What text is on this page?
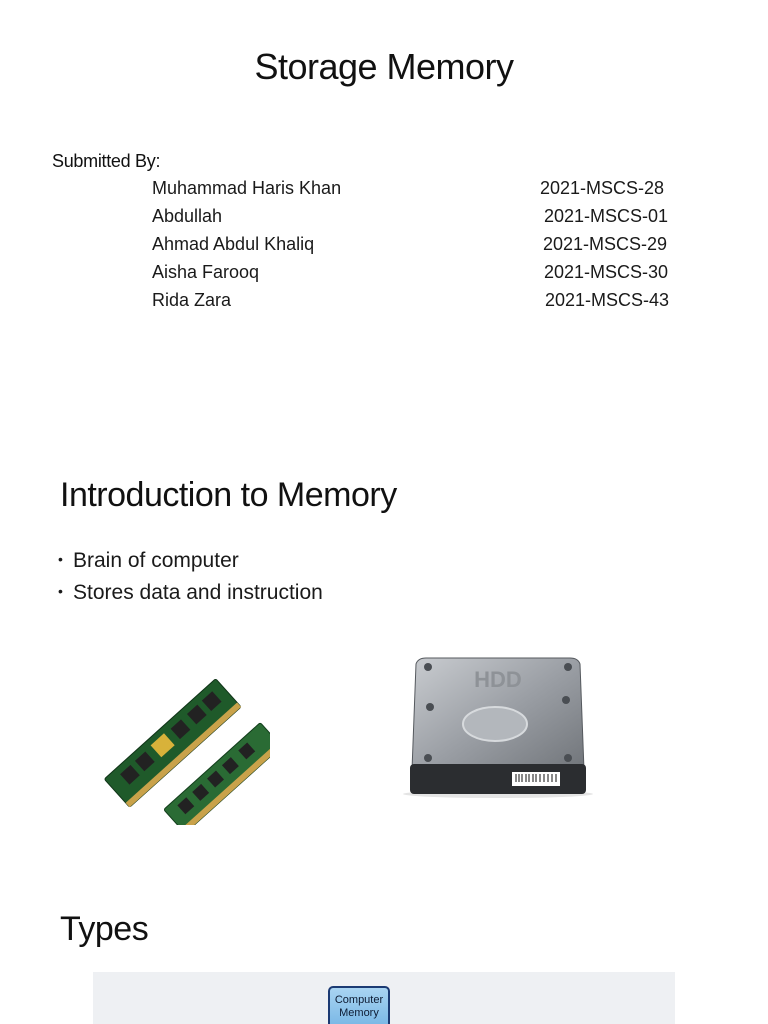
Storage Memory
Submitted By:
Muhammad Haris Khan	2021-MSCS-28
Abdullah	2021-MSCS-01
Ahmad Abdul Khaliq	2021-MSCS-29
Aisha Farooq	2021-MSCS-30
Rida Zara	2021-MSCS-43
Introduction to Memory
• Brain of computer
• Stores data and instruction
HDD
Types
Computer
Memory
